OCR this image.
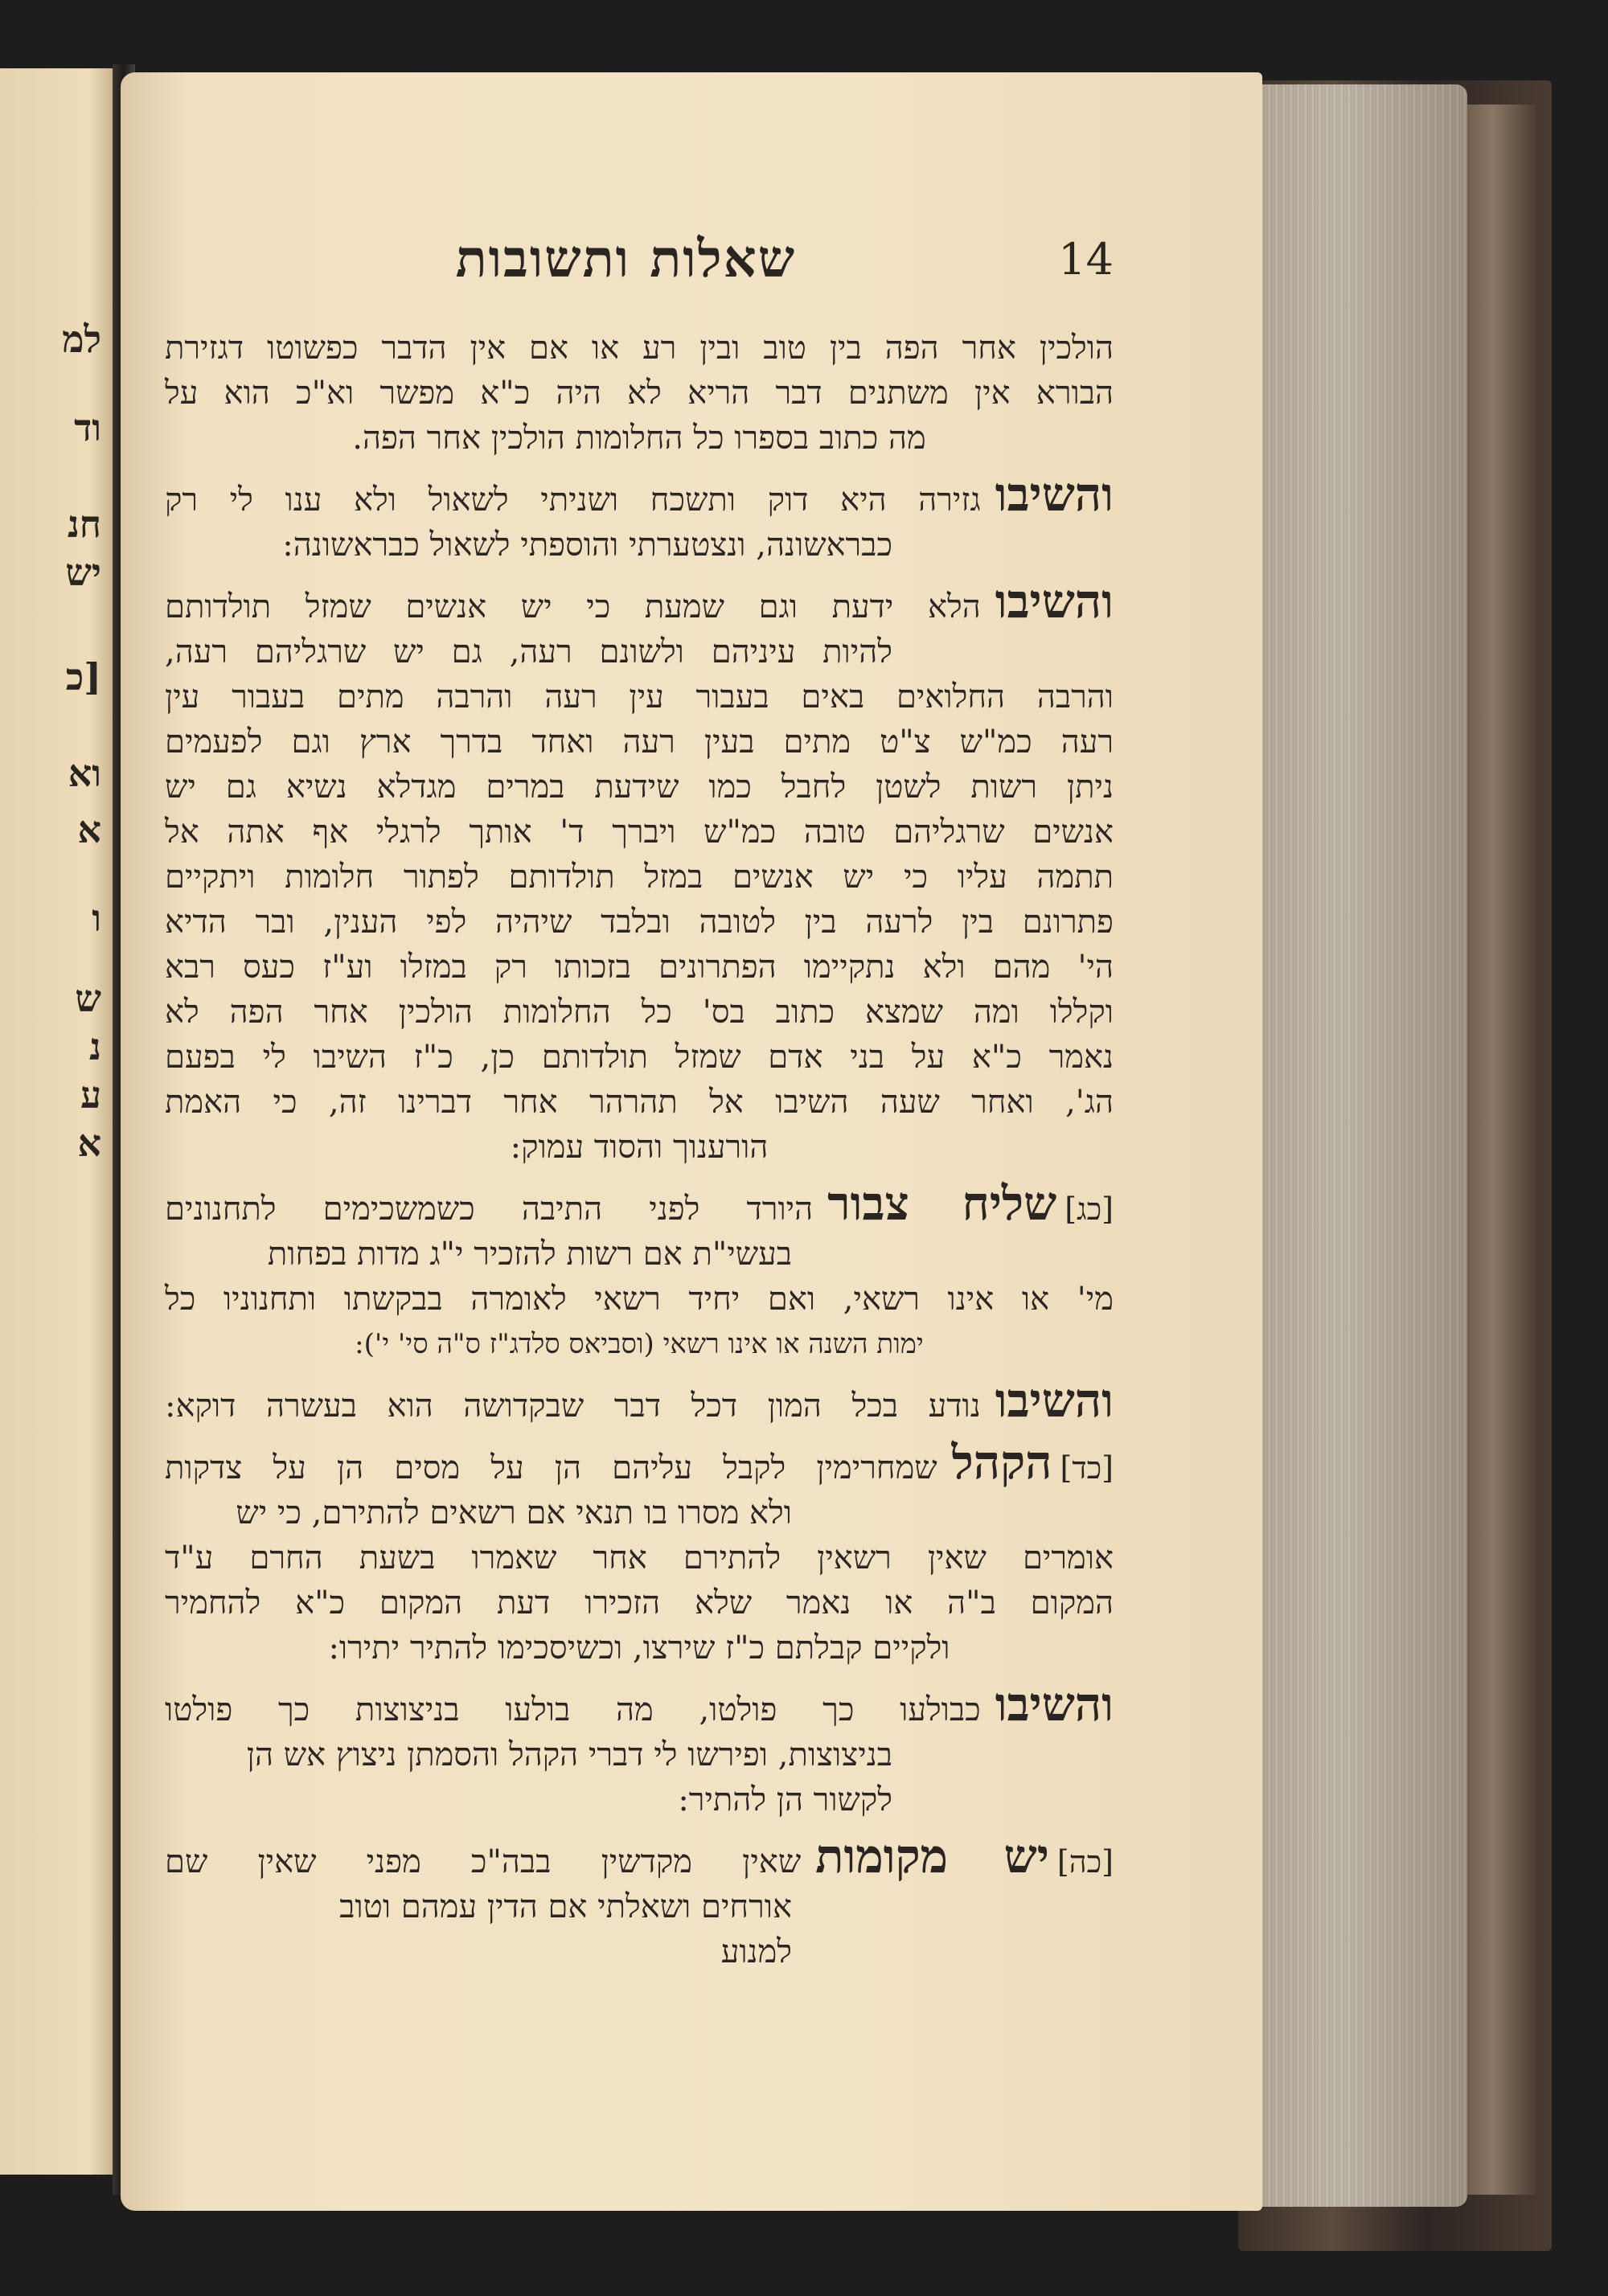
למ
וד
חנ
יש
[כ
וא
א
ו
ש
נ
ע
א
שאלות ותשובות	14
הולכין אחר הפה בין טוב ובין רע או אם אין הדבר כפשוטו דגזירת
הבורא אין משתנים דבר הריא לא היה כ"א מפשר וא"כ הוא על
מה כתוב בספרו כל החלומות הולכין אחר הפה.
והשיבוגזירה היא דוק ותשכח ושניתי לשאול ולא ענו לי רק
כבראשונה, ונצטערתי והוספתי לשאול כבראשונה:
והשיבוהלא ידעת וגם שמעת כי יש אנשים שמזל תולדותם
להיות עיניהם ולשונם רעה, גם יש שרגליהם רעה,
והרבה החלואים באים בעבור עין רעה והרבה מתים בעבור עין
רעה כמ"ש צ"ט מתים בעין רעה ואחד בדרך ארץ וגם לפעמים
ניתן רשות לשטן לחבל כמו שידעת במרים מגדלא נשיא גם יש
אנשים שרגליהם טובה כמ"ש ויברך ד' אותך לרגלי אף אתה אל
תתמה עליו כי יש אנשים במזל תולדותם לפתור חלומות ויתקיים
פתרונם בין לרעה בין לטובה ובלבד שיהיה לפי הענין, ובר הדיא
הי' מהם ולא נתקיימו הפתרונים בזכותו רק במזלו וע"ז כעס רבא
וקללו ומה שמצא כתוב בס' כל החלומות הולכין אחר הפה לא
נאמר כ"א על בני אדם שמזל תולדותם כן, כ"ז השיבו לי בפעם
הג', ואחר שעה השיבו אל תהרהר אחר דברינו זה, כי האמת
הורענוך והסוד עמוק:
[כג]שליח צבורהיורד לפני התיבה כשמשכימים לתחנונים
בעשי"ת אם רשות להזכיר י"ג מדות בפחות
מי' או אינו רשאי, ואם יחיד רשאי לאומרה בבקשתו ותחנוניו כל
ימות השנה או אינו רשאי (וסביאס סלדג"ז ס"ה סי' י'):
והשיבונודע בכל המון דכל דבר שבקדושה הוא בעשרה דוקא:
[כד]הקהלשמחרימין לקבל עליהם הן על מסים הן על צדקות
ולא מסרו בו תנאי אם רשאים להתירם, כי יש
אומרים שאין רשאין להתירם אחר שאמרו בשעת החרם ע"ד
המקום ב"ה או נאמר שלא הזכירו דעת המקום כ"א להחמיר
ולקיים קבלתם כ"ז שירצו, וכשיסכימו להתיר יתירו:
והשיבוכבולעו כך פולטו, מה בולעו בניצוצות כך פולטו
בניצוצות, ופירשו לי דברי הקהל והסמתן ניצוץ אש הן
לקשור הן להתיר:
[כה]יש מקומותשאין מקדשין בבה"כ מפני שאין שם
אורחים ושאלתי אם הדין עמהם וטוב
למנוע
